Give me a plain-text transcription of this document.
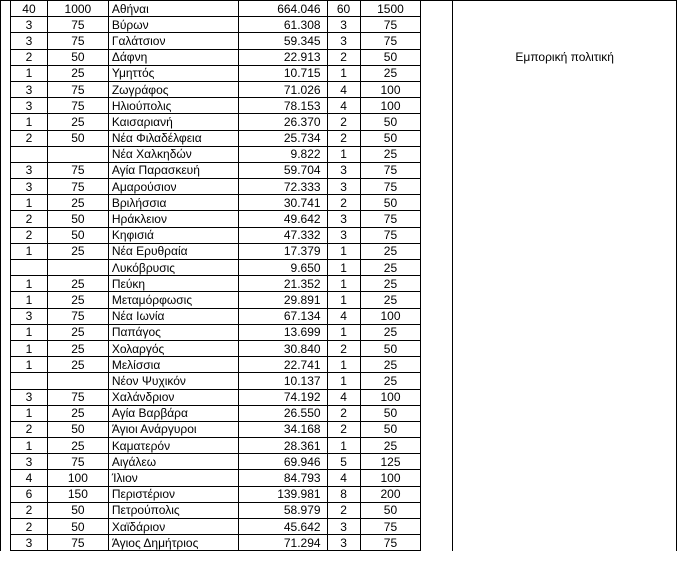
	40	1000	Αθήναι	664.046	60	1500		
	3	75	Βύρων	61.308	3	75		
	3	75	Γαλάτσιον	59.345	3	75		
	2	50	Δάφνη	22.913	2	50		Εμπορική πολιτική
	1	25	Υμηττός	10.715	1	25		
	3	75	Ζωγράφος	71.026	4	100		
	3	75	Ηλιούπολις	78.153	4	100		
	1	25	Καισαριανή	26.370	2	50		
	2	50	Νέα Φιλαδέλφεια	25.734	2	50		
			Νέα Χαλκηδών	9.822	1	25		
	3	75	Αγία Παρασκευή	59.704	3	75		
	3	75	Αμαρούσιον	72.333	3	75		
	1	25	Βριλήσσια	30.741	2	50		
	2	50	Ηράκλειον	49.642	3	75		
	2	50	Κηφισιά	47.332	3	75		
	1	25	Νέα Ερυθραία	17.379	1	25		
			Λυκόβρυσις	9.650	1	25		
	1	25	Πεύκη	21.352	1	25		
	1	25	Μεταμόρφωσις	29.891	1	25		
	3	75	Νέα Ιωνία	67.134	4	100		
	1	25	Παπάγος	13.699	1	25		
	1	25	Χολαργός	30.840	2	50		
	1	25	Μελίσσια	22.741	1	25		
			Νέον Ψυχικόν	10.137	1	25		
	3	75	Χαλάνδριον	74.192	4	100		
	1	25	Αγία Βαρβάρα	26.550	2	50		
	2	50	Άγιοι Ανάργυροι	34.168	2	50		
	1	25	Καματερόν	28.361	1	25		
	3	75	Αιγάλεω	69.946	5	125		
	4	100	Ίλιον	84.793	4	100		
	6	150	Περιστέριον	139.981	8	200		
	2	50	Πετρούπολις	58.979	2	50		
	2	50	Χαϊδάριον	45.642	3	75		
	3	75	Άγιος Δημήτριος	71.294	3	75		
